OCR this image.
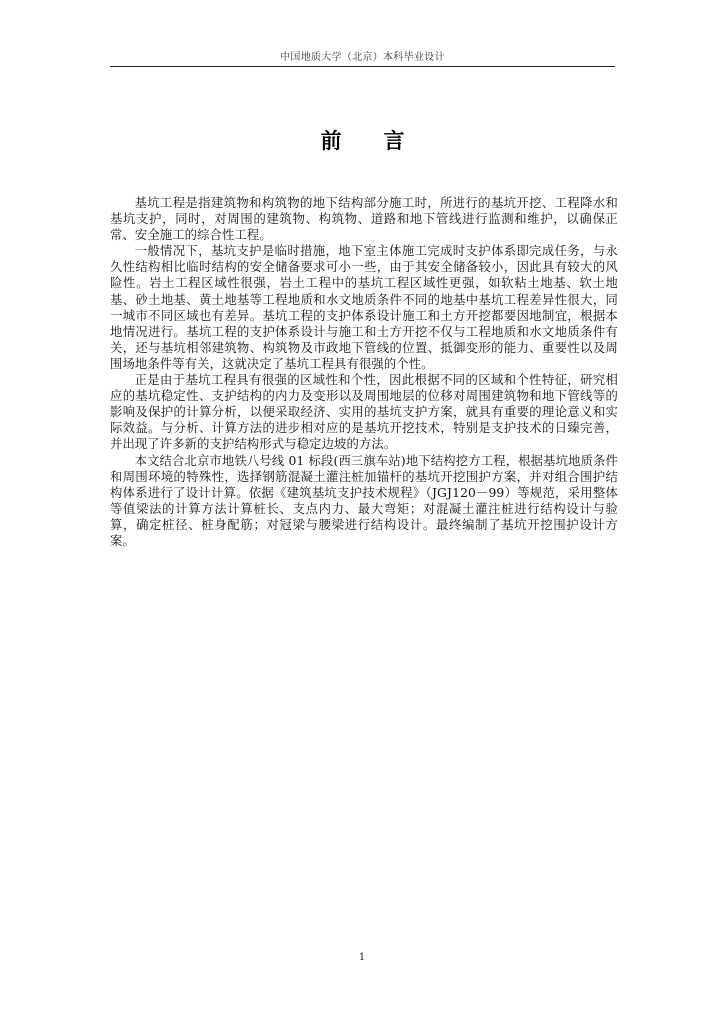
中国地质大学（北京）本科毕业设计
前言

基坑工程是指建筑物和构筑物的地下结构部分施工时，所进行的基坑开挖、工程降水和基坑支护，同时，对周围的建筑物、构筑物、道路和地下管线进行监测和维护，以确保正常、安全施工的综合性工程。

一般情况下，基坑支护是临时措施，地下室主体施工完成时支护体系即完成任务，与永久性结构相比临时结构的安全储备要求可小一些，由于其安全储备较小，因此具有较大的风险性。岩土工程区域性很强，岩土工程中的基坑工程区域性更强，如软粘土地基、软土地基、砂土地基、黄土地基等工程地质和水文地质条件不同的地基中基坑工程差异性很大，同一城市不同区域也有差异。基坑工程的支护体系设计施工和土方开挖都要因地制宜，根据本地情况进行。基坑工程的支护体系设计与施工和土方开挖不仅与工程地质和水文地质条件有关，还与基坑相邻建筑物、构筑物及市政地下管线的位置、抵御变形的能力、重要性以及周围场地条件等有关，这就决定了基坑工程具有很强的个性。

正是由于基坑工程具有很强的区域性和个性，因此根据不同的区域和个性特征，研究相应的基坑稳定性、支护结构的内力及变形以及周围地层的位移对周围建筑物和地下管线等的影响及保护的计算分析，以便采取经济、实用的基坑支护方案，就具有重要的理论意义和实际效益。与分析、计算方法的进步相对应的是基坑开挖技术，特别是支护技术的日臻完善，并出现了许多新的支护结构形式与稳定边坡的方法。

本文结合北京市地铁八号线 01 标段(西三旗车站)地下结构挖方工程，根据基坑地质条件和周围环境的特殊性，选择钢筋混凝土灌注桩加锚杆的基坑开挖围护方案，并对组合围护结构体系进行了设计计算。依据《建筑基坑支护技术规程》（JGJ120－99）等规范，采用整体等值梁法的计算方法计算桩长、支点内力、最大弯矩；对混凝土灌注桩进行结构设计与验算，确定桩径、桩身配筋；对冠梁与腰梁进行结构设计。最终编制了基坑开挖围护设计方案。

1
